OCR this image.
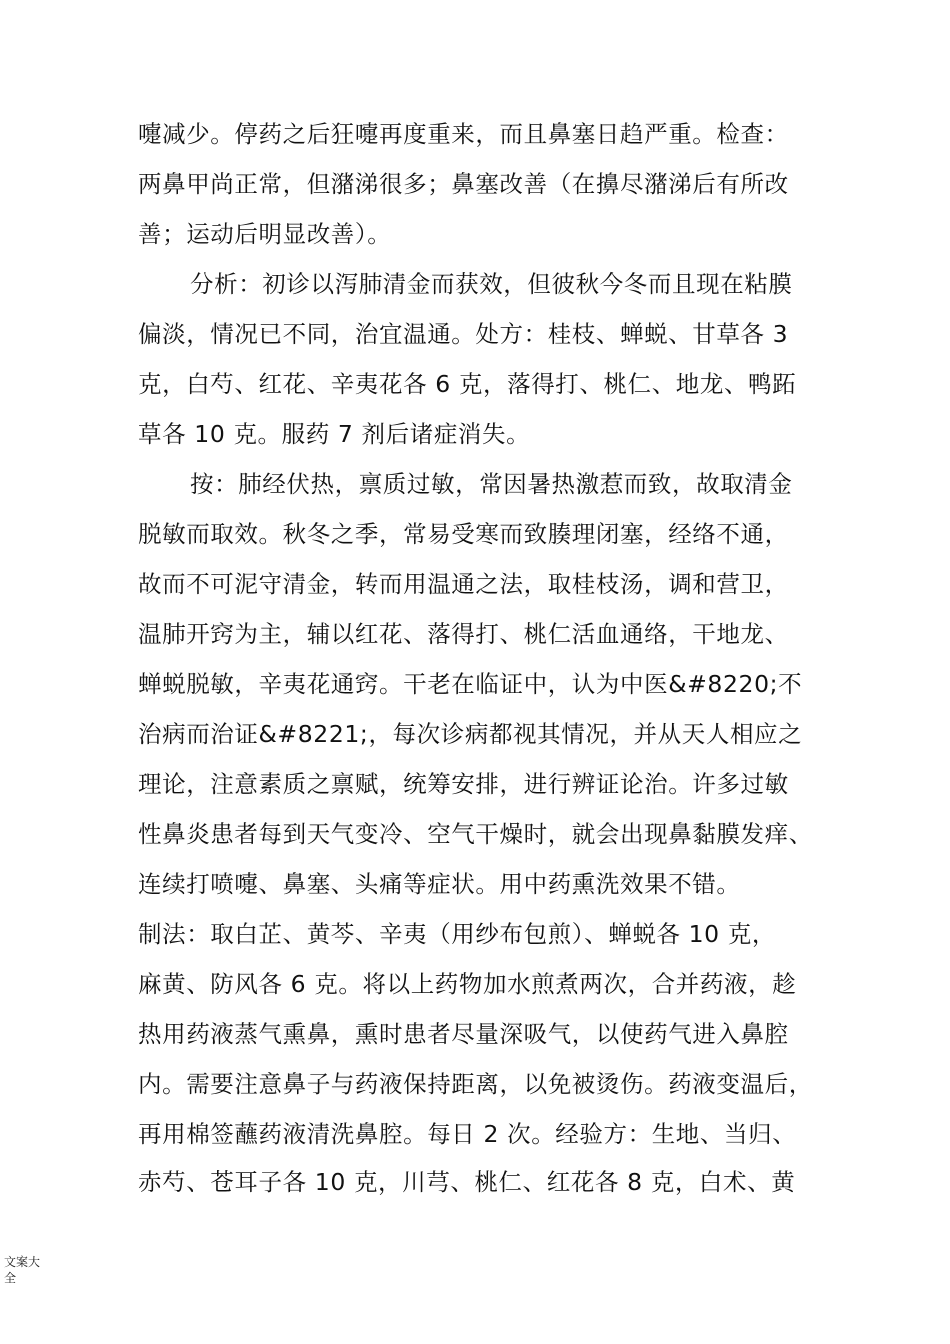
嚏减少。停药之后狂嚏再度重来，而且鼻塞日趋严重。检查：
两鼻甲尚正常，但潴涕很多；鼻塞改善（在擤尽潴涕后有所改
善；运动后明显改善）。
分析：初诊以泻肺清金而获效，但彼秋今冬而且现在粘膜
偏淡，情况已不同，治宜温通。处方：桂枝、蝉蜕、甘草各 3
克，白芍、红花、辛夷花各 6 克，落得打、桃仁、地龙、鸭跖
草各 10 克。服药 7 剂后诸症消失。
按：肺经伏热，禀质过敏，常因暑热激惹而致，故取清金
脱敏而取效。秋冬之季，常易受寒而致腠理闭塞，经络不通，
故而不可泥守清金，转而用温通之法，取桂枝汤，调和营卫，
温肺开窍为主，辅以红花、落得打、桃仁活血通络，干地龙、
蝉蜕脱敏，辛夷花通窍。干老在临证中，认为中医&#8220;不
治病而治证&#8221;，每次诊病都视其情况，并从天人相应之
理论，注意素质之禀赋，统筹安排，进行辨证论治。许多过敏
性鼻炎患者每到天气变冷、空气干燥时，就会出现鼻黏膜发痒、
连续打喷嚏、鼻塞、头痛等症状。用中药熏洗效果不错。
制法：取白芷、黄芩、辛夷（用纱布包煎）、蝉蜕各 10 克，
麻黄、防风各 6 克。将以上药物加水煎煮两次，合并药液，趁
热用药液蒸气熏鼻，熏时患者尽量深吸气，以使药气进入鼻腔
内。需要注意鼻子与药液保持距离，以免被烫伤。药液变温后，
再用棉签蘸药液清洗鼻腔。每日 2 次。经验方：生地、当归、
赤芍、苍耳子各 10 克，川芎、桃仁、红花各 8 克，白术、黄
文案大全
